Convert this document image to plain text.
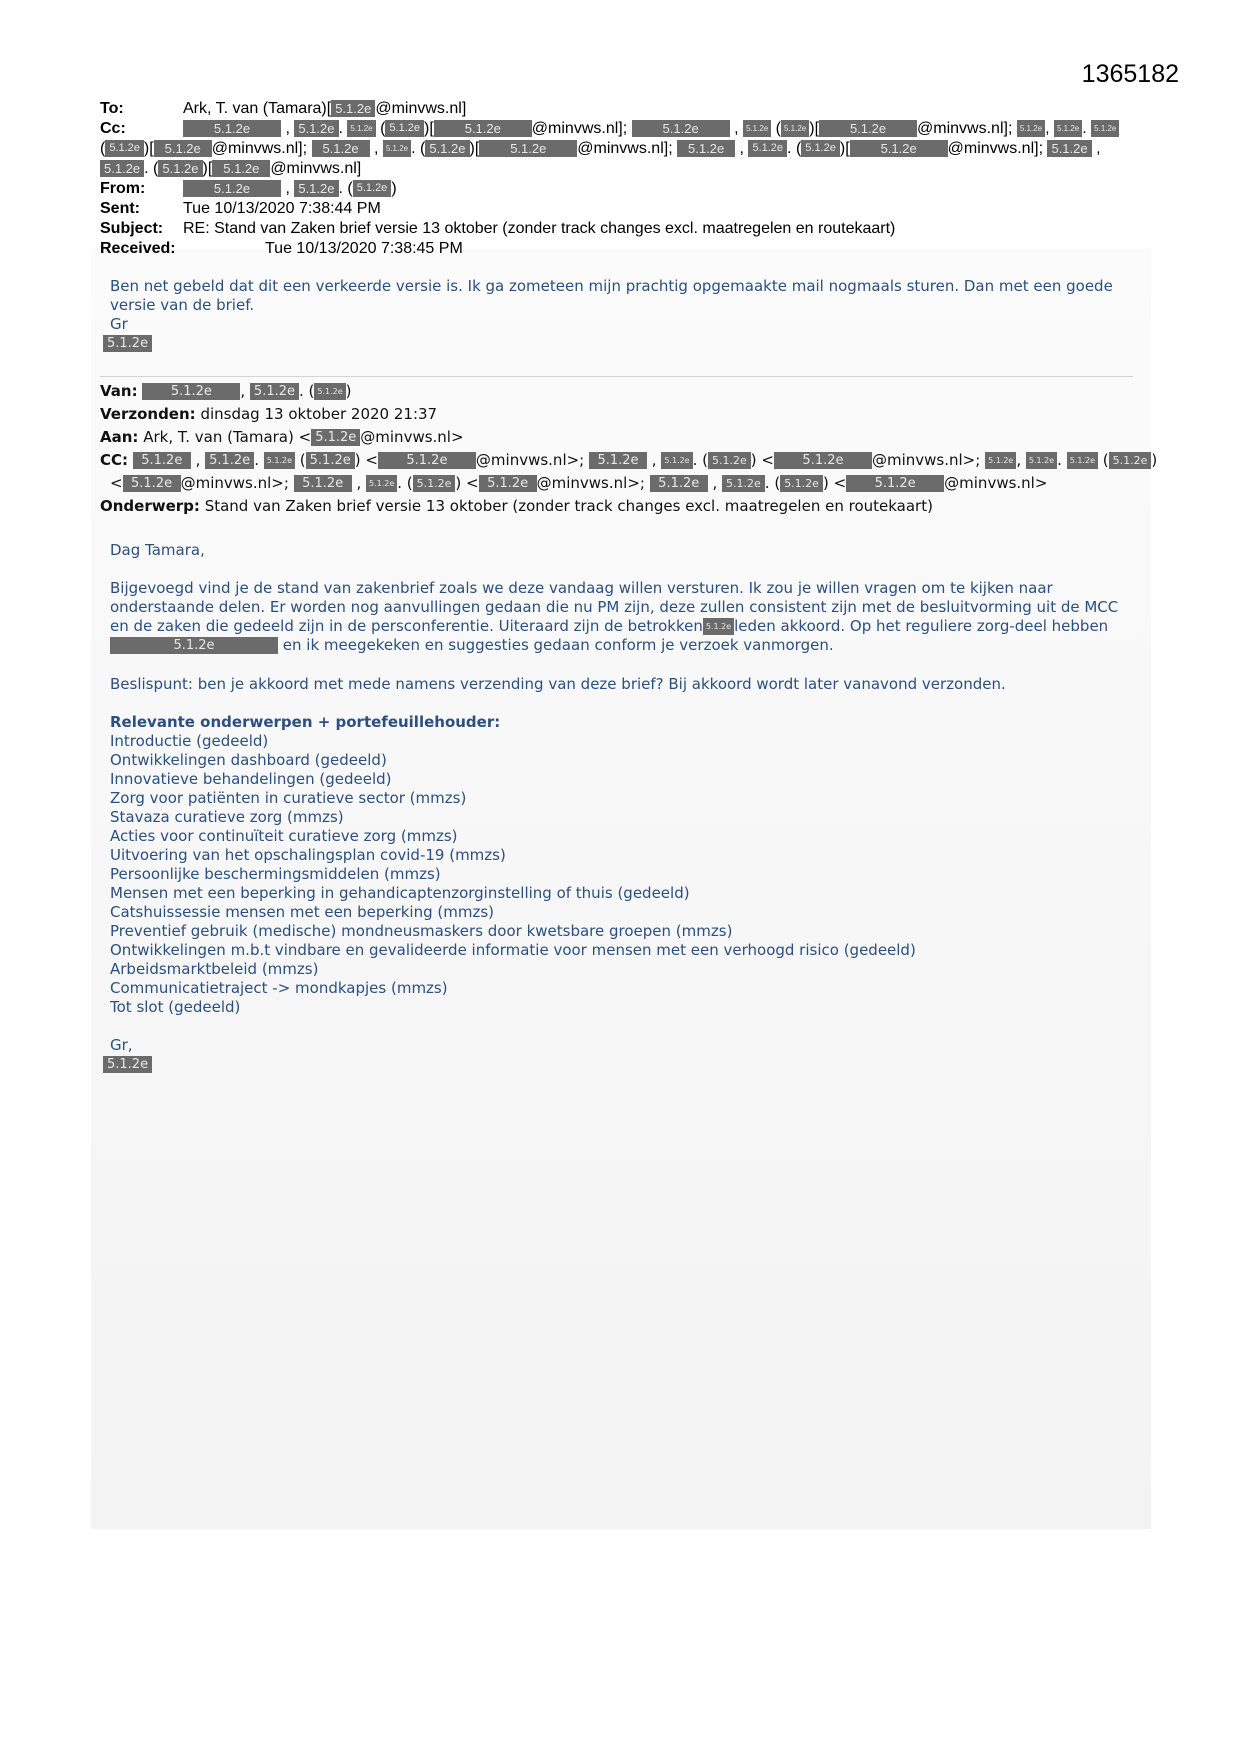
1365182
To:	Ark, T. van (Tamara)[ 5.1.2e @minvws.nl]
Cc:	5.1.2e , 5.1.2e . 5.1.2e ( 5.1.2e )[ 5.1.2e @minvws.nl];	5.1.2e , 5.1.2e ( 5.1.2e )[ 5.1.2e @minvws.nl]; 5.1.2e , 5.1.2e . 5.1.2e
( 5.1.2e )[ 5.1.2e @minvws.nl]; 5.1.2e , 5.1.2e . ( 5.1.2e )[ 5.1.2e @minvws.nl]; 5.1.2e , 5.1.2e . ( 5.1.2e )[ 5.1.2e @minvws.nl]; 5.1.2e ,
5.1.2e . ( 5.1.2e )[ 5.1.2e @minvws.nl]
From:	5.1.2e , 5.1.2e . ( 5.1.2e )
Sent:	Tue 10/13/2020 7:38:44 PM
Subject: RE: Stand van Zaken brief versie 13 oktober (zonder track changes excl. maatregelen en routekaart)
Received:	Tue 10/13/2020 7:38:45 PM
Ben net gebeld dat dit een verkeerde versie is. Ik ga zometeen mijn prachtig opgemaakte mail nogmaals sturen. Dan met een goede versie van de brief.
Gr
5.1.2e
Van:	5.1.2e , 5.1.2e . ( 5.1.2e )
Verzonden: dinsdag 13 oktober 2020 21:37
Aan: Ark, T. van (Tamara) < 5.1.2e @minvws.nl>
CC: 5.1.2e , 5.1.2e . 5.1.2e ( 5.1.2e ) < 5.1.2e @minvws.nl>; 5.1.2e , 5.1.2e . ( 5.1.2e ) < 5.1.2e @minvws.nl>; 5.1.2e , 5.1.2e . 5.1.2e ( 5.1.2e )
< 5.1.2e @minvws.nl>; 5.1.2e , 5.1.2e . ( 5.1.2e ) < 5.1.2e @minvws.nl>; 5.1.2e , 5.1.2e . ( 5.1.2e ) < 5.1.2e @minvws.nl>
Onderwerp: Stand van Zaken brief versie 13 oktober (zonder track changes excl. maatregelen en routekaart)
Dag Tamara,
Bijgevoegd vind je de stand van zakenbrief zoals we deze vandaag willen versturen. Ik zou je willen vragen om te kijken naar onderstaande delen. Er worden nog aanvullingen gedaan die nu PM zijn, deze zullen consistent zijn met de besluitvorming uit de MCC en de zaken die gedeeld zijn in de persconferentie. Uiteraard zijn de betrokken 5.1.2e leden akkoord. Op het reguliere zorg-deel hebben 5.1.2e	en ik meegekeken en suggesties gedaan conform je verzoek vanmorgen.
Beslispunt: ben je akkoord met mede namens verzending van deze brief? Bij akkoord wordt later vanavond verzonden.
Relevante onderwerpen + portefeuillehouder:
Introductie (gedeeld)
Ontwikkelingen dashboard (gedeeld)
Innovatieve behandelingen (gedeeld)
Zorg voor patiënten in curatieve sector (mmzs)
Stavaza curatieve zorg (mmzs)
Acties voor continuïteit curatieve zorg (mmzs)
Uitvoering van het opschalingsplan covid-19 (mmzs)
Persoonlijke beschermingsmiddelen (mmzs)
Mensen met een beperking in gehandicaptenzorginstelling of thuis (gedeeld)
Catshuissessie mensen met een beperking (mmzs)
Preventief gebruik (medische) mondneusmaskers door kwetsbare groepen (mmzs)
Ontwikkelingen m.b.t vindbare en gevalideerde informatie voor mensen met een verhoogd risico (gedeeld)
Arbeidsmarktbeleid (mmzs)
Communicatietraject -> mondkapjes (mmzs)
Tot slot (gedeeld)
Gr,
5.1.2e
